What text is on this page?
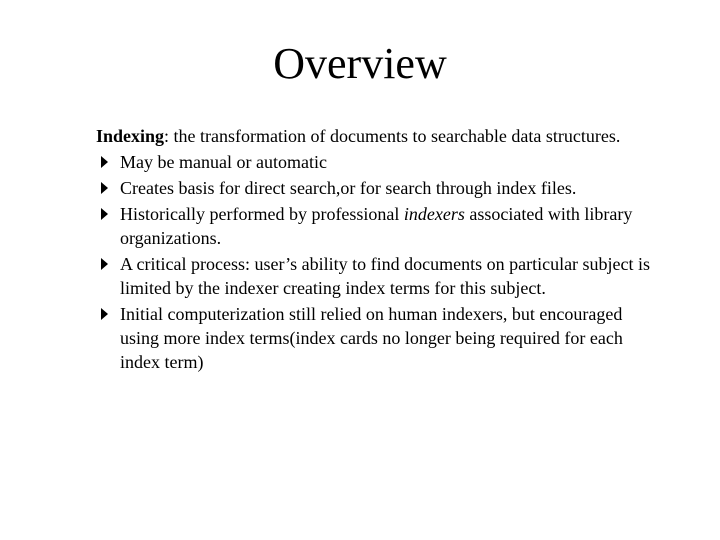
Overview

Indexing: the transformation of documents to searchable data structures.

May be manual or automatic
Creates basis for direct search,or for search through index files.
Historically performed by professional indexers associated with library organizations.
A critical process: user’s ability to find documents on particular subject is limited by the indexer creating index terms for this subject.
Initial computerization still relied on human indexers, but encouraged using more index terms(index cards no longer being required for each index term)
